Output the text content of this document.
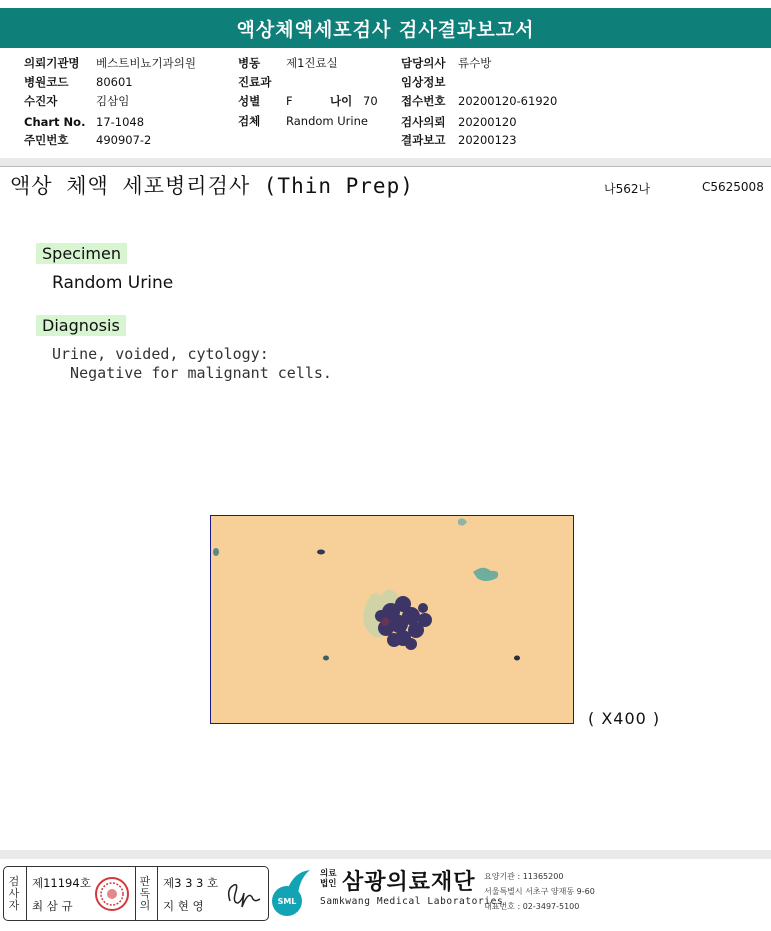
액상체액세포검사 검사결과보고서
의뢰기관명 베스트비뇨기과의원
병원코드 80601
수진자	김삼임
Chart No. 17-1048
주민번호 490907-2
병동 제1진료실
진료과
성별 F	나이 70
검체 Random Urine
담당의사 류수방
임상정보
접수번호 20200120-61920
검사의뢰 20200120
결과보고 20200123
액상 체액 세포병리검사 (Thin Prep)	나562나	C5625008
Specimen
Random Urine
Diagnosis
Urine, voided, cytology:
Negative for malignant cells.
( X400 )
검
사
자
제11194호
최 삼 규
판
독
의
제3 3 3 호
지 현 영	SML
의료
법인 삼광의료재단
Samkwang Medical Laboratories
요양기관 : 11365200
서울특별시 서초구 양재동 9-60
대표번호 : 02-3497-5100
